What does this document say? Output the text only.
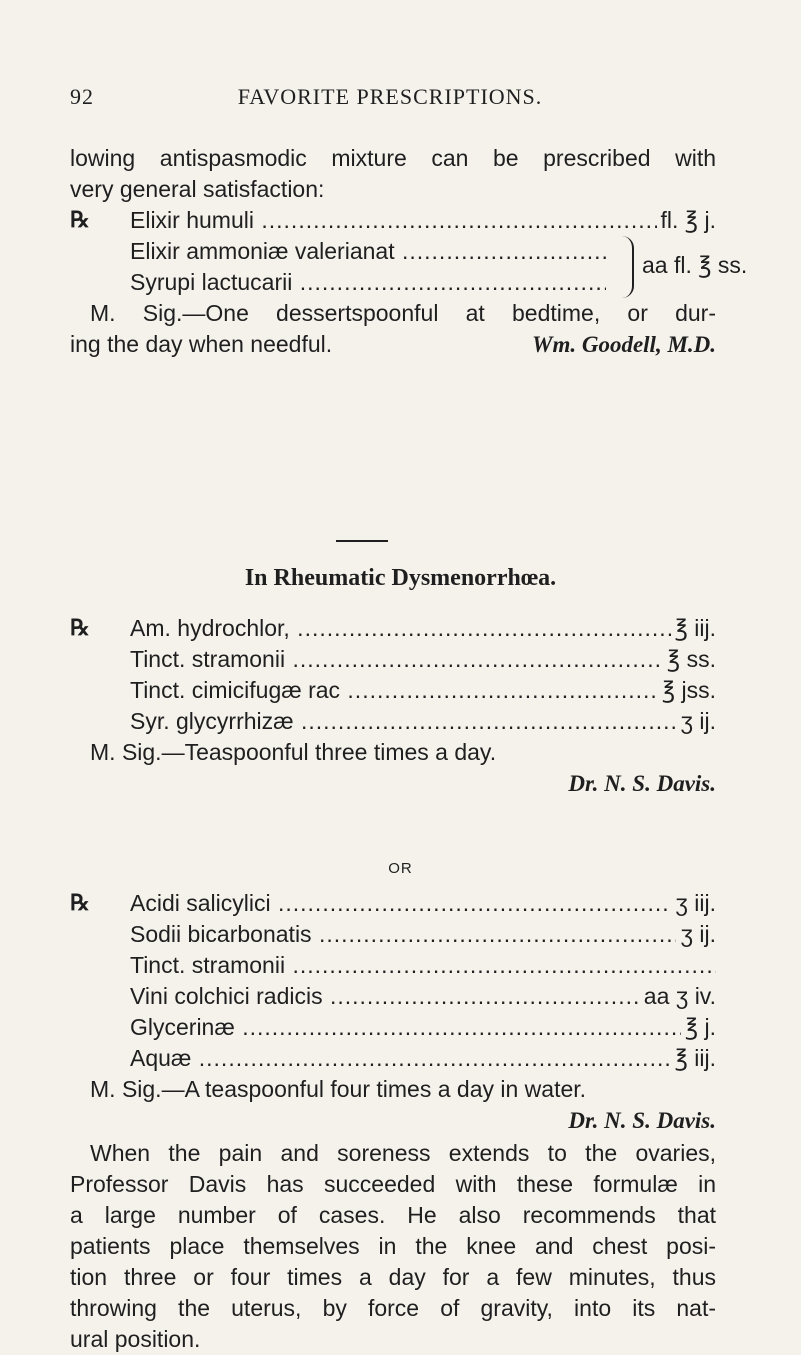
92	FAVORITE PRESCRIPTIONS.
lowing antispasmodic mixture can be prescribed with
very general satisfaction:
℞ Elixir humuli .....	fl. ℥ j.
Elixir ammoniæ valerianat .....
Syrupi lactucarii .....
aa fl. ℥ ss.
M. Sig.—One dessertspoonful at bedtime, or dur-
ing the day when needful.	Wm. Goodell, M.D.
In Rheumatic Dysmenorrhœa.
℞ Am. hydrochlor, .....	℥ iij.
Tinct. stramonii .....	℥ ss.
Tinct. cimicifugæ rac .....	℥ jss.
Syr. glycyrrhizæ .....	ʒ ij.
M. Sig.—Teaspoonful three times a day.
Dr. N. S. Davis.
OR
℞ Acidi salicylici .....	ʒ iij.
Sodii bicarbonatis .....	ʒ ij.
Tinct. stramonii .....
Vini colchici radicis .....	aa ʒ iv.
Glycerinæ .....	℥ j.
Aquæ .....	℥ iij.
M. Sig.—A teaspoonful four times a day in water.
Dr. N. S. Davis.
When the pain and soreness extends to the ovaries,
Professor Davis has succeeded with these formulæ in
a large number of cases. He also recommends that
patients place themselves in the knee and chest posi-
tion three or four times a day for a few minutes, thus
throwing the uterus, by force of gravity, into its nat-
ural position.
